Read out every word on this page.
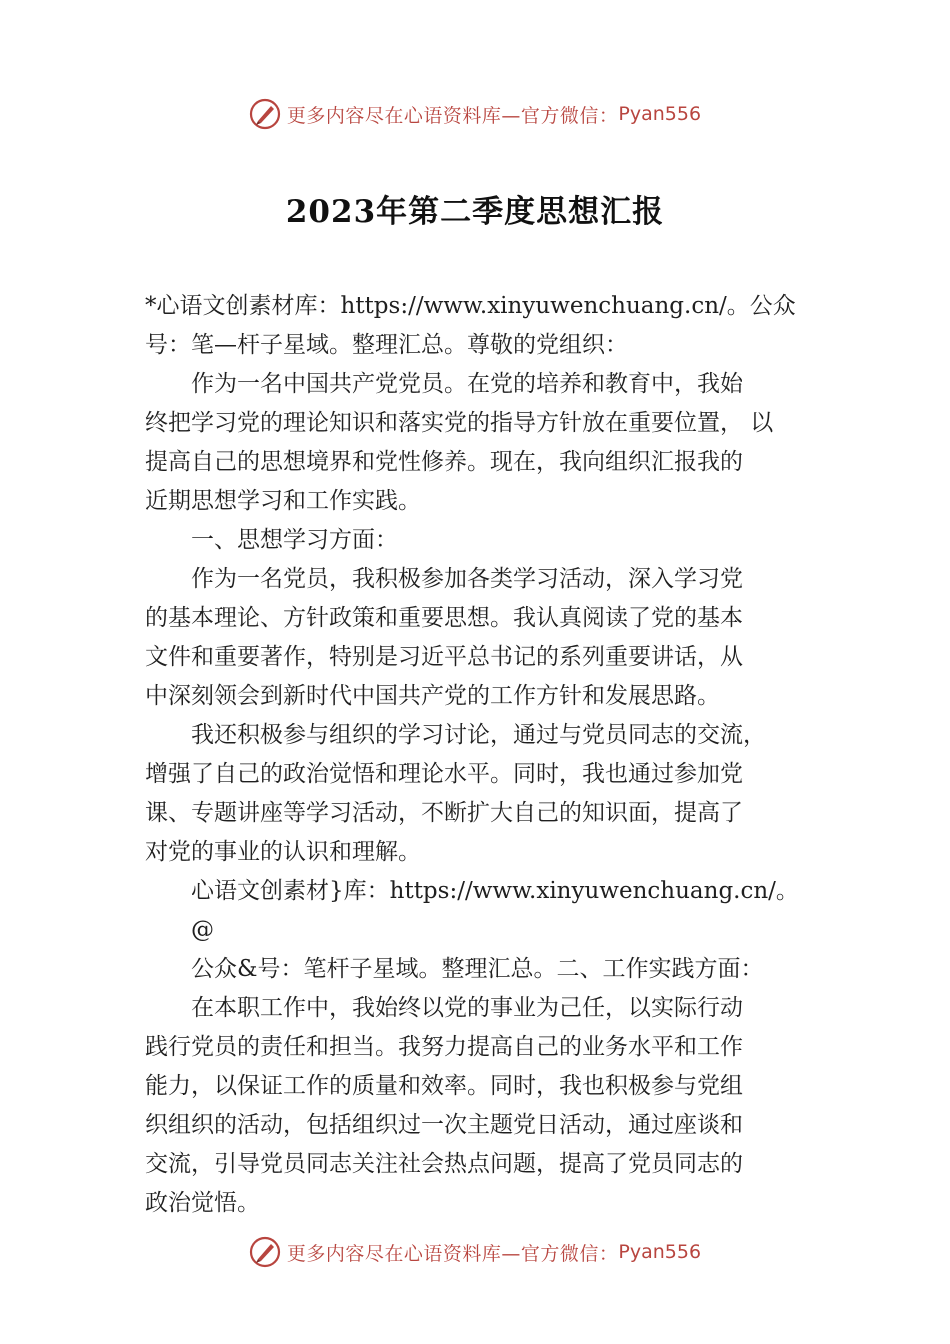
更多内容尽在心语资料库—官方微信： Pyan556
2023年第二季度思想汇报
*心语文创素材库：https://www.xinyuwenchuang.cn/。公众
号：笔—杆子星域。整理汇总。尊敬的党组织：
作为一名中国共产党党员。在党的培养和教育中，我始
终把学习党的理论知识和落实党的指导方针放在重要位置， 以
提高自己的思想境界和党性修养。现在，我向组织汇报我的
近期思想学习和工作实践。
一、思想学习方面：
作为一名党员，我积极参加各类学习活动，深入学习党
的基本理论、方针政策和重要思想。我认真阅读了党的基本
文件和重要著作，特别是习近平总书记的系列重要讲话，从
中深刻领会到新时代中国共产党的工作方针和发展思路。
我还积极参与组织的学习讨论，通过与党员同志的交流，
增强了自己的政治觉悟和理论水平。同时，我也通过参加党
课、专题讲座等学习活动，不断扩大自己的知识面，提高了
对党的事业的认识和理解。
心语文创素材}库：https://www.xinyuwenchuang.cn/。@
公众&号：笔杆子星域。整理汇总。二、工作实践方面：
在本职工作中，我始终以党的事业为己任，以实际行动
践行党员的责任和担当。我努力提高自己的业务水平和工作
能力，以保证工作的质量和效率。同时，我也积极参与党组
织组织的活动，包括组织过一次主题党日活动，通过座谈和
交流，引导党员同志关注社会热点问题，提高了党员同志的
政治觉悟。
更多内容尽在心语资料库—官方微信： Pyan556
